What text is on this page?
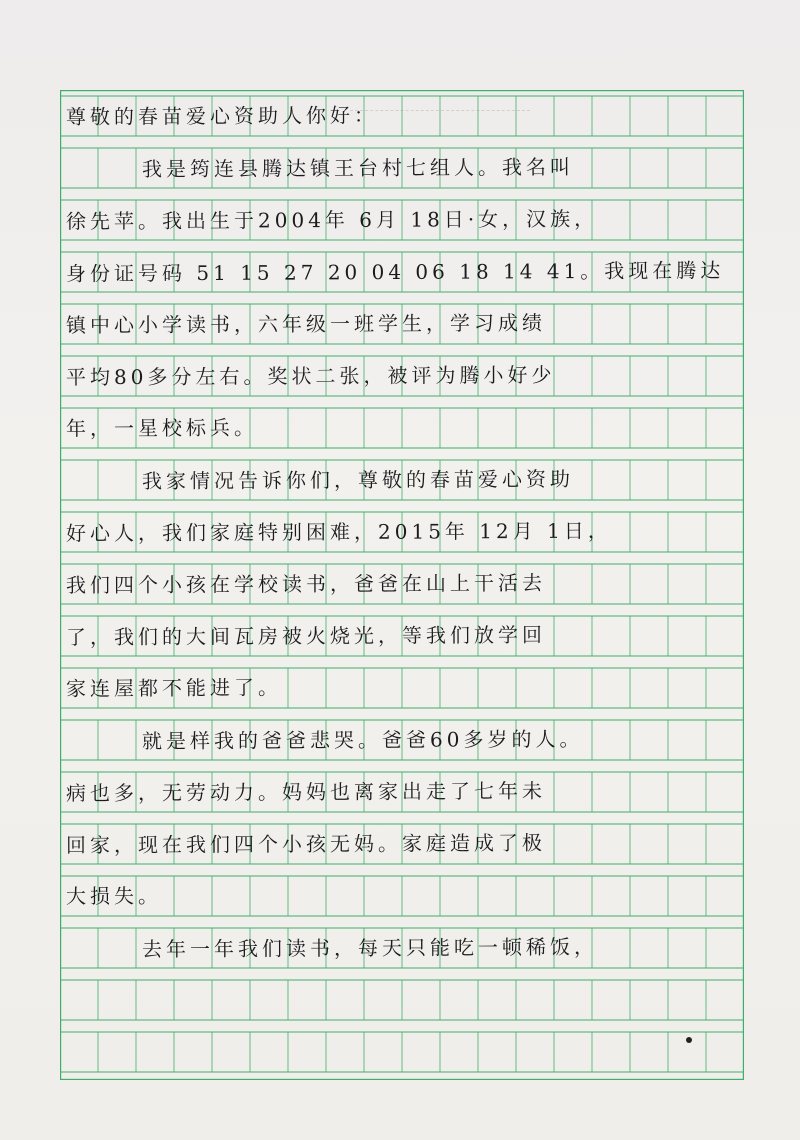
尊敬的春苗爱心资助人你好：
我是筠连县腾达镇王台村七组人。我名叫
徐先苹。我出生于2004年 6月 18日·女，汉族，
身份证号码 51 15 27 20 04 06 18 14 41。我现在腾达
镇中心小学读书，六年级一班学生，学习成绩
平均80多分左右。奖状二张，被评为腾小好少
年，一星校标兵。
我家情况告诉你们，尊敬的春苗爱心资助
好心人，我们家庭特别困难，2015年 12月 1日，
我们四个小孩在学校读书，爸爸在山上干活去
了，我们的大间瓦房被火烧光，等我们放学回
家连屋都不能进了。
就是样我的爸爸悲哭。爸爸60多岁的人。
病也多，无劳动力。妈妈也离家出走了七年未
回家，现在我们四个小孩无妈。家庭造成了极
大损失。
去年一年我们读书，每天只能吃一顿稀饭，
